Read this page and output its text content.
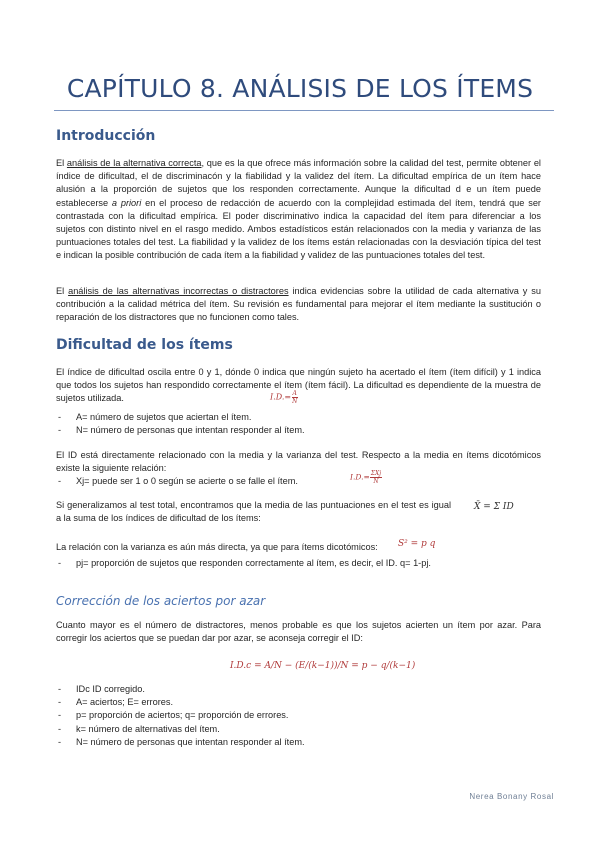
CAPÍTULO 8. ANÁLISIS DE LOS ÍTEMS
Introducción
El análisis de la alternativa correcta, que es la que ofrece más información sobre la calidad del test, permite obtener el índice de dificultad, el de discriminacón y la fiabilidad y la validez del ítem. La dificultad empírica de un ítem hace alusión a la proporción de sujetos que los responden correctamente. Aunque la dificultad d e un ítem puede establecerse a priori en el proceso de redacción de acuerdo con la complejidad estimada del ítem, tendrá que ser contrastada con la dificultad empírica. El poder discriminativo indica la capacidad del ítem para diferenciar a los sujetos con distinto nivel en el rasgo medido. Ambos estadísticos están relacionados con la media y varianza de las puntuaciones totales del test. La fiabilidad y la validez de los ítems están relacionadas con la desviación típica del test e indican la posible contribución de cada ítem a la fiabilidad y validez de las puntuaciones totales del test.
El análisis de las alternativas incorrectas o distractores indica evidencias sobre la utilidad de cada alternativa y su contribución a la calidad métrica del ítem. Su revisión es fundamental para mejorar el ítem mediante la sustitución o reparación de los distractores que no funcionen como tales.
Dificultad de los ítems
El índice de dificultad oscila entre 0 y 1, dónde 0 indica que ningún sujeto ha acertado el ítem (ítem difícil) y 1 indica que todos los sujetos han respondido correctamente el ítem (ítem fácil). La dificultad es dependiente de la muestra de sujetos utilizada.	$I.D.= \frac{A}{N}$
- A= número de sujetos que aciertan el ítem.
- N= número de personas que intentan responder al ítem.
El ID está directamente relacionado con la media y la varianza del test. Respecto a la media en ítems dicotómicos existe la siguiente relación:
- Xj= puede ser 1 o 0 según se acierte o se falle el ítem.	$I.D.= \frac{\text{ΣXj}}{N}$
Si generalizamos al test total, encontramos que la media de las puntuaciones en el test es igual a la suma de los índices de dificultad de los ítems:
X̄ = Σ ID
La relación con la varianza es aún más directa, ya que para ítems dicotómicos:	S² = p q
- pj= proporción de sujetos que responden correctamente al ítem, es decir, el ID. q= 1-pj.
Corrección de los aciertos por azar
Cuanto mayor es el número de distractores, menos probable es que los sujetos acierten un ítem por azar. Para corregir los aciertos que se puedan dar por azar, se aconseja corregir el ID:
I.D.c = A/N − (E/(k−1))/N = p − q/(k−1)
- IDc ID corregido.
- A= aciertos; E= errores.
- p= proporción de aciertos; q= proporción de errores.
- k= número de alternativas del ítem.
- N= número de personas que intentan responder al ítem.
Nerea Bonany Rosal
